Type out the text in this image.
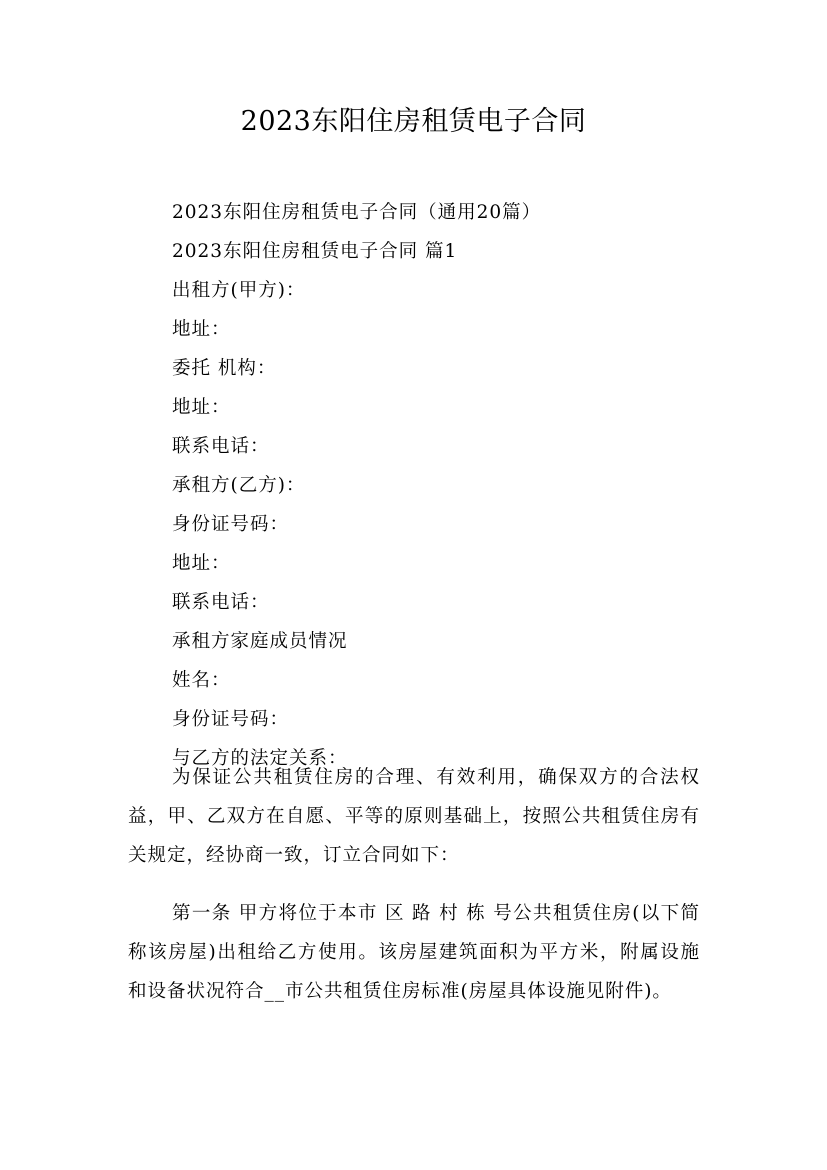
2023东阳住房租赁电子合同
2023东阳住房租赁电子合同（通用20篇）
2023东阳住房租赁电子合同 篇1
出租方(甲方)：
地址：
委托 机构：
地址：
联系电话：
承租方(乙方)：
身份证号码：
地址：
联系电话：
承租方家庭成员情况
姓名：
身份证号码：
与乙方的法定关系：
为保证公共租赁住房的合理、有效利用，确保双方的合法权益，甲、乙双方在自愿、平等的原则基础上，按照公共租赁住房有关规定，经协商一致，订立合同如下：
第一条 甲方将位于本市 区 路 村 栋 号公共租赁住房(以下简称该房屋)出租给乙方使用。该房屋建筑面积为平方米，附属设施和设备状况符合__市公共租赁住房标准(房屋具体设施见附件)。
